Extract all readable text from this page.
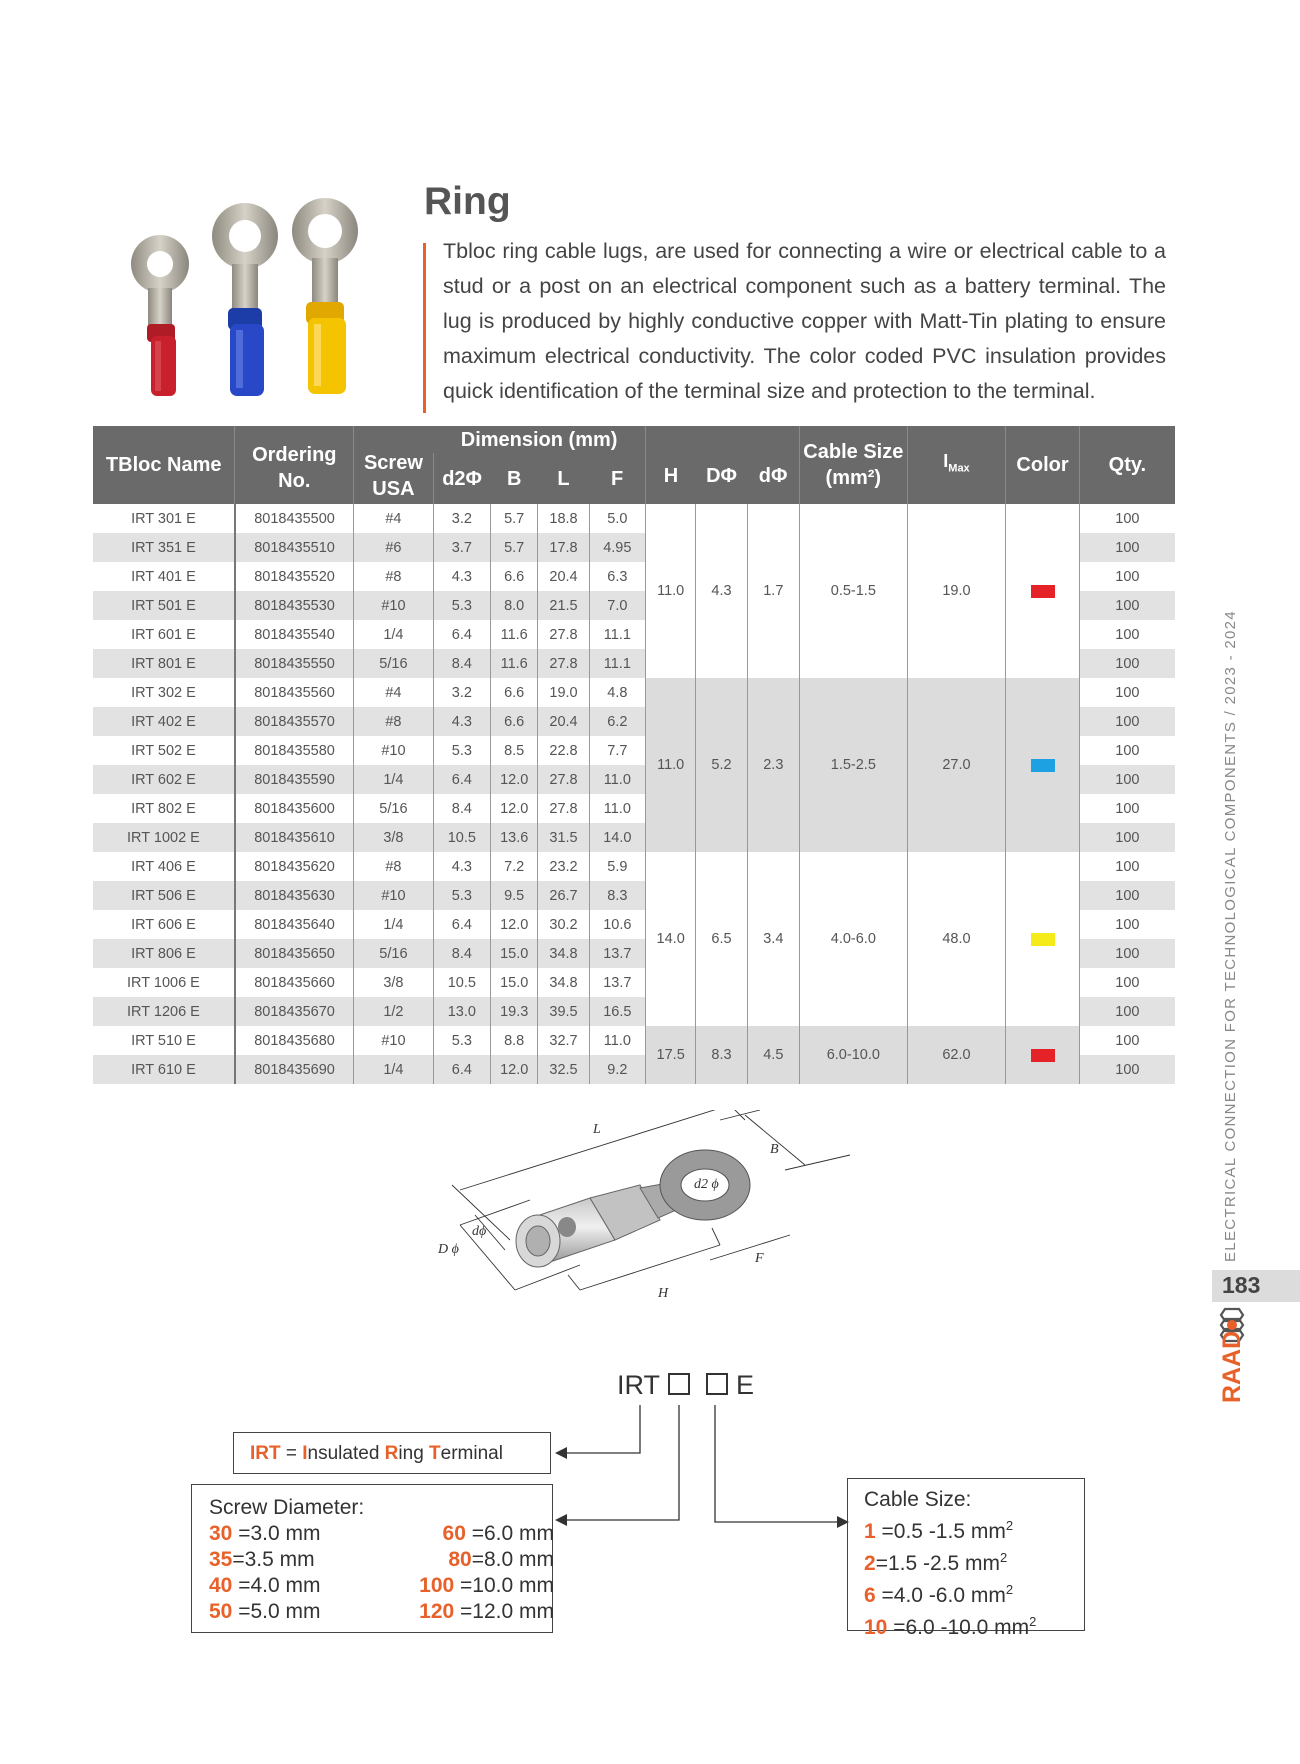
Ring
Tbloc ring cable lugs, are used for connecting a wire or electrical cable to a stud or a post on an electrical component such as a battery terminal. The lug is produced by highly conductive copper with Matt-Tin plating to ensure maximum electrical conductivity. The color coded PVC insulation provides quick identification of the terminal size and protection to the terminal.
TBloc Name	Ordering No.	Screw USA	Dimension (mm)				H	DΦ	dΦ	Cable Size (mm²)	$I_{Max}$	Color	Qty.
			d2Φ	B	L	F							
IRT 301 E	8018435500	#4	3.2	5.7	18.8	5.0	11.0	4.3	1.7	0.5-1.5	19.0		100
IRT 351 E	8018435510	#6	3.7	5.7	17.8	4.95							100
IRT 401 E	8018435520	#8	4.3	6.6	20.4	6.3							100
IRT 501 E	8018435530	#10	5.3	8.0	21.5	7.0							100
IRT 601 E	8018435540	1/4	6.4	11.6	27.8	11.1							100
IRT 801 E	8018435550	5/16	8.4	11.6	27.8	11.1							100
IRT 302 E	8018435560	#4	3.2	6.6	19.0	4.8	11.0	5.2	2.3	1.5-2.5	27.0		100
IRT 402 E	8018435570	#8	4.3	6.6	20.4	6.2							100
IRT 502 E	8018435580	#10	5.3	8.5	22.8	7.7							100
IRT 602 E	8018435590	1/4	6.4	12.0	27.8	11.0							100
IRT 802 E	8018435600	5/16	8.4	12.0	27.8	11.0							100
IRT 1002 E	8018435610	3/8	10.5	13.6	31.5	14.0							100
IRT 406 E	8018435620	#8	4.3	7.2	23.2	5.9	14.0	6.5	3.4	4.0-6.0	48.0		100
IRT 506 E	8018435630	#10	5.3	9.5	26.7	8.3							100
IRT 606 E	8018435640	1/4	6.4	12.0	30.2	10.6							100
IRT 806 E	8018435650	5/16	8.4	15.0	34.8	13.7							100
IRT 1006 E	8018435660	3/8	10.5	15.0	34.8	13.7							100
IRT 1206 E	8018435670	1/2	13.0	19.3	39.5	16.5							100
IRT 510 E	8018435680	#10	5.3	8.8	32.7	11.0	17.5	8.3	4.5	6.0-10.0	62.0		100
IRT 610 E	8018435690	1/4	6.4	12.0	32.5	9.2							100
L
B
d2 ϕ
dϕ
D ϕ
F
H
IRT	E
IRT = Insulated Ring Terminal
Screw Diameter:
30 =3.0 mm	60 =6.0 mm
35=3.5 mm	80=8.0 mm
40 =4.0 mm	100 =10.0 mm
50 =5.0 mm	120 =12.0 mm
Cable Size:
1 =0.5 -1.5 $mm^2$
2=1.5 -2.5 $mm^2$
6 =4.0 -6.0 $mm^2$
10 =6.0 -10.0 $mm^2$
ELECTRICAL CONNECTION FOR TECHNOLOGICAL COMPONENTS / 2023 - 2024
183
RAAD
